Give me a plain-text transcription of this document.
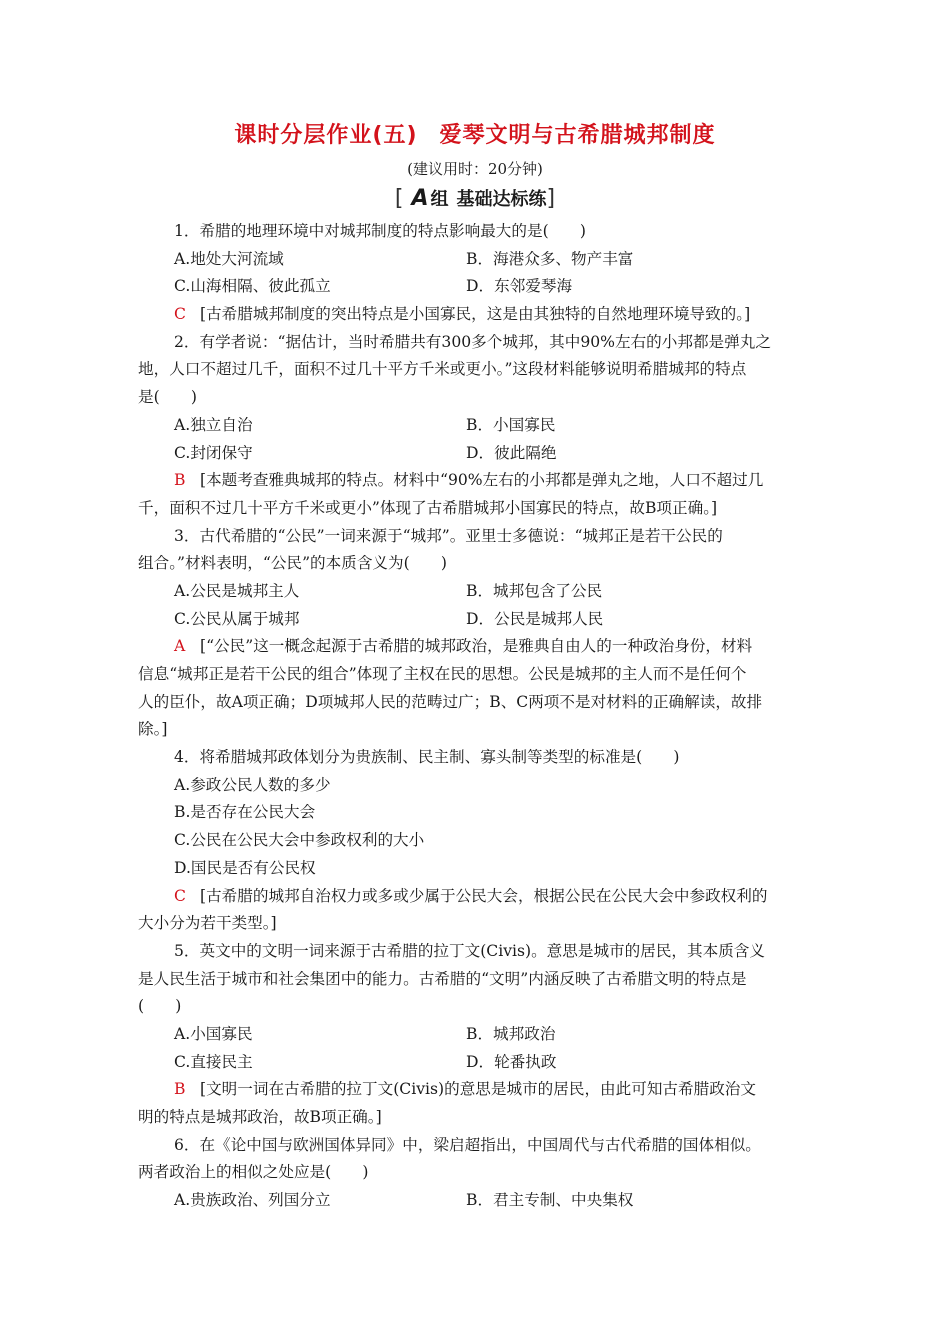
课时分层作业(五) 爱琴文明与古希腊城邦制度
(建议用时：20分钟)
[ A 组 基础达标练]
1．希腊的地理环境中对城邦制度的特点影响最大的是(　　)
A.地处大河流域	B．海港众多、物产丰富
C.山海相隔、彼此孤立	D．东邻爱琴海
C [古希腊城邦制度的突出特点是小国寡民，这是由其独特的自然地理环境导致的。]
2．有学者说：“据估计，当时希腊共有300多个城邦，其中90%左右的小邦都是弹丸之
地，人口不超过几千，面积不过几十平方千米或更小。”这段材料能够说明希腊城邦的特点
是(　　)
A.独立自治	B．小国寡民
C.封闭保守	D．彼此隔绝
B [本题考查雅典城邦的特点。材料中“90%左右的小邦都是弹丸之地，人口不超过几
千，面积不过几十平方千米或更小”体现了古希腊城邦小国寡民的特点，故B项正确。]
3．古代希腊的“公民”一词来源于“城邦”。亚里士多德说：“城邦正是若干公民的
组合。”材料表明，“公民”的本质含义为(　　)
A.公民是城邦主人	B．城邦包含了公民
C.公民从属于城邦	D．公民是城邦人民
A [“公民”这一概念起源于古希腊的城邦政治，是雅典自由人的一种政治身份，材料
信息“城邦正是若干公民的组合”体现了主权在民的思想。公民是城邦的主人而不是任何个
人的臣仆，故A项正确；D项城邦人民的范畴过广；B、C两项不是对材料的正确解读，故排
除。]
4．将希腊城邦政体划分为贵族制、民主制、寡头制等类型的标准是(　　)
A.参政公民人数的多少
B.是否存在公民大会
C.公民在公民大会中参政权利的大小
D.国民是否有公民权
C [古希腊的城邦自治权力或多或少属于公民大会，根据公民在公民大会中参政权利的
大小分为若干类型。]
5．英文中的文明一词来源于古希腊的拉丁文(Civis)。意思是城市的居民，其本质含义
是人民生活于城市和社会集团中的能力。古希腊的“文明”内涵反映了古希腊文明的特点是
(　　)
A.小国寡民	B．城邦政治
C.直接民主	D．轮番执政
B [文明一词在古希腊的拉丁文(Civis)的意思是城市的居民，由此可知古希腊政治文
明的特点是城邦政治，故B项正确。]
6．在《论中国与欧洲国体异同》中，梁启超指出，中国周代与古代希腊的国体相似。
两者政治上的相似之处应是(　　)
A.贵族政治、列国分立	B．君主专制、中央集权
